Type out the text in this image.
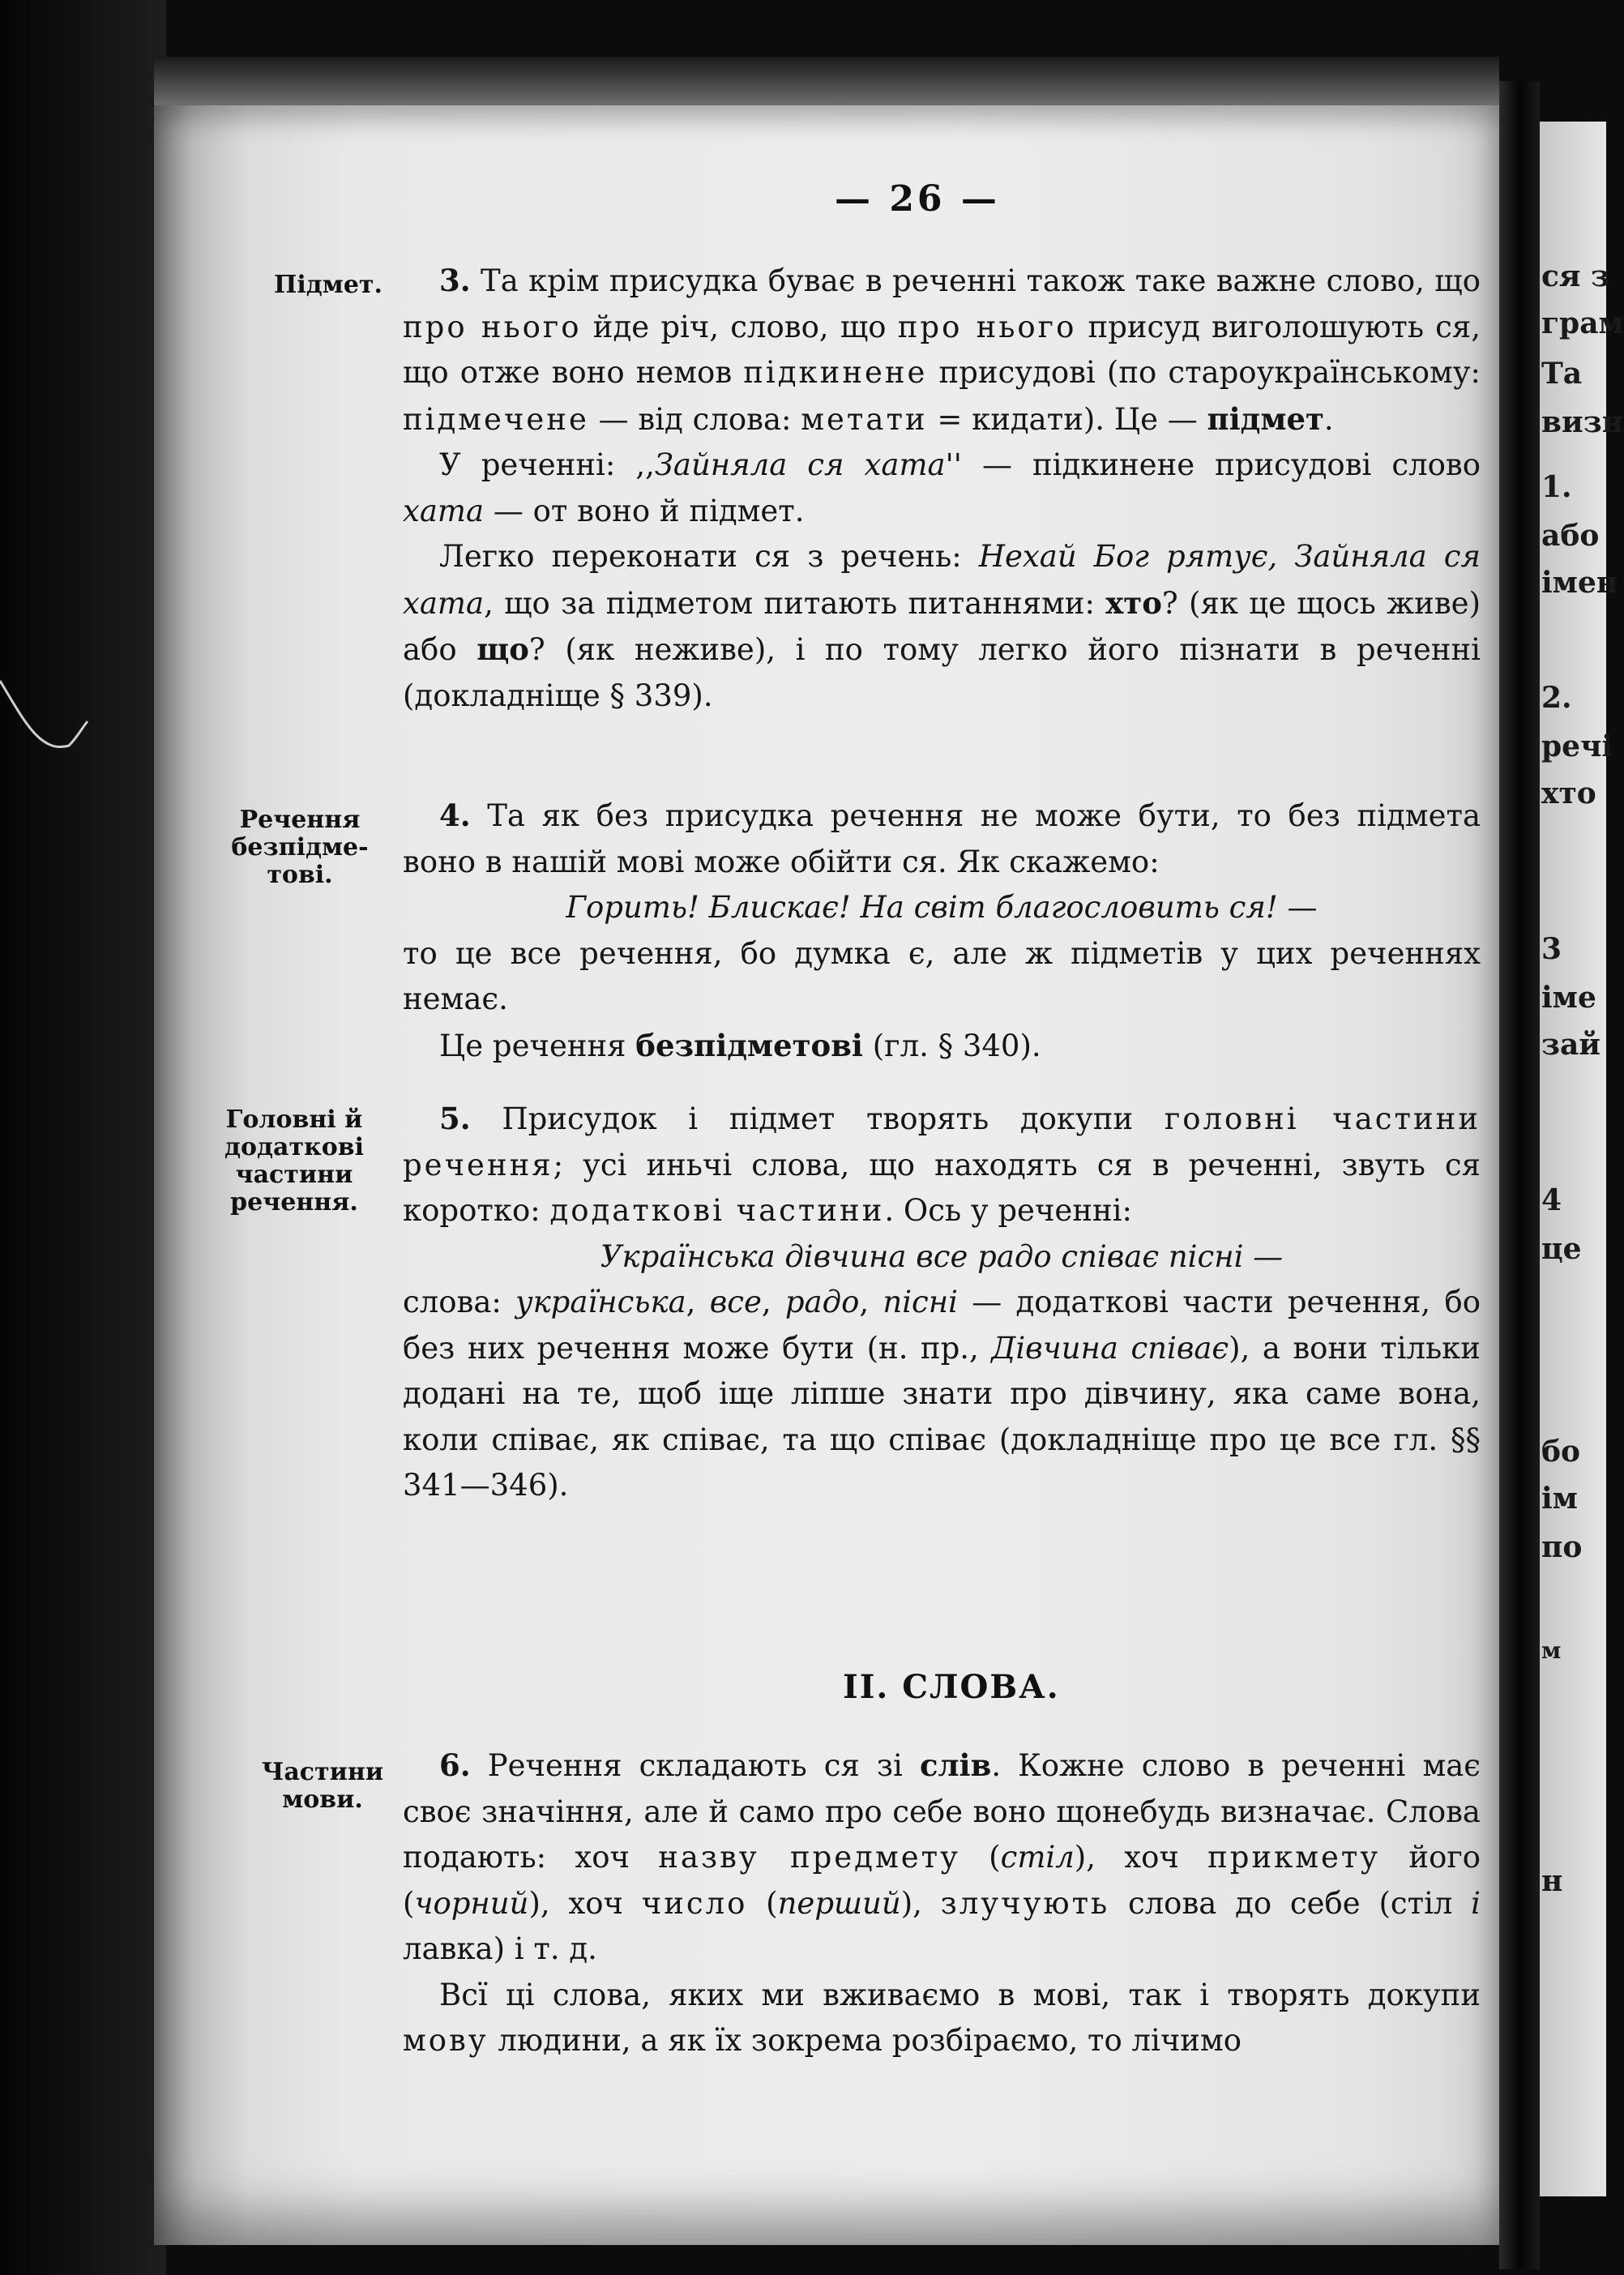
ся з
грам
Та
визн
1.
або
імен
2.
речі
хто
3
іме
зай
4
це
бо
ім
по
м
н
— 26 —
Підмет.
Речення безпідме-тові.
Головні й додаткові частини речення.
Частини мови.

3. Та крім присудка буває в реченні також таке важне слово, що про нього йде річ, слово, що про нього присуд виголошують ся, що отже воно немов підкинене присудові (по староукраїнському: підмечене — від слова: метати = кидати). Це — підмет.

У реченні: ,,Зайняла ся хата'' — підкинене присудові слово хата — от воно й підмет.

Легко переконати ся з речень: Нехай Бог рятує, Зайняла ся хата, що за підметом питають питаннями: хто? (як це щось живе) або що? (як неживе), і по тому легко його пізнати в реченні (докладніще § 339).

4. Та як без присудка речення не може бути, то без підмета воно в нашій мові може обійти ся. Як скажемо:

Горить! Блискає! На світ благословить ся! —

то це все речення, бо думка є, але ж підметів у цих реченнях немає.

Це речення безпідметові (гл. § 340).

5. Присудок і підмет творять докупи головні частини речення; усі иньчі слова, що находять ся в реченні, звуть ся коротко: додаткові частини. Ось у реченні:

Українська дівчина все радо співає пісні —

слова: українська, все, радо, пісні — додаткові части речення, бо без них речення може бути (н. пр., Дівчина співає), а вони тільки додані на те, щоб іще ліпше знати про дівчину, яка саме вона, коли співає, як співає, та що співає (докладніще про це все гл. §§ 341—346).

II. СЛОВА.

6. Речення складають ся зі слів. Кожне слово в реченні має своє значіння, але й само про себе воно щонебудь визначає. Слова подають: хоч назву предмету (стіл), хоч прикмету його (чорний), хоч число (перший), злучують слова до себе (стіл і лавка) і т. д.

Всї ці слова, яких ми вживаємо в мові, так і творять докупи мову людини, а як їх зокрема розбіраємо, то лічимо
